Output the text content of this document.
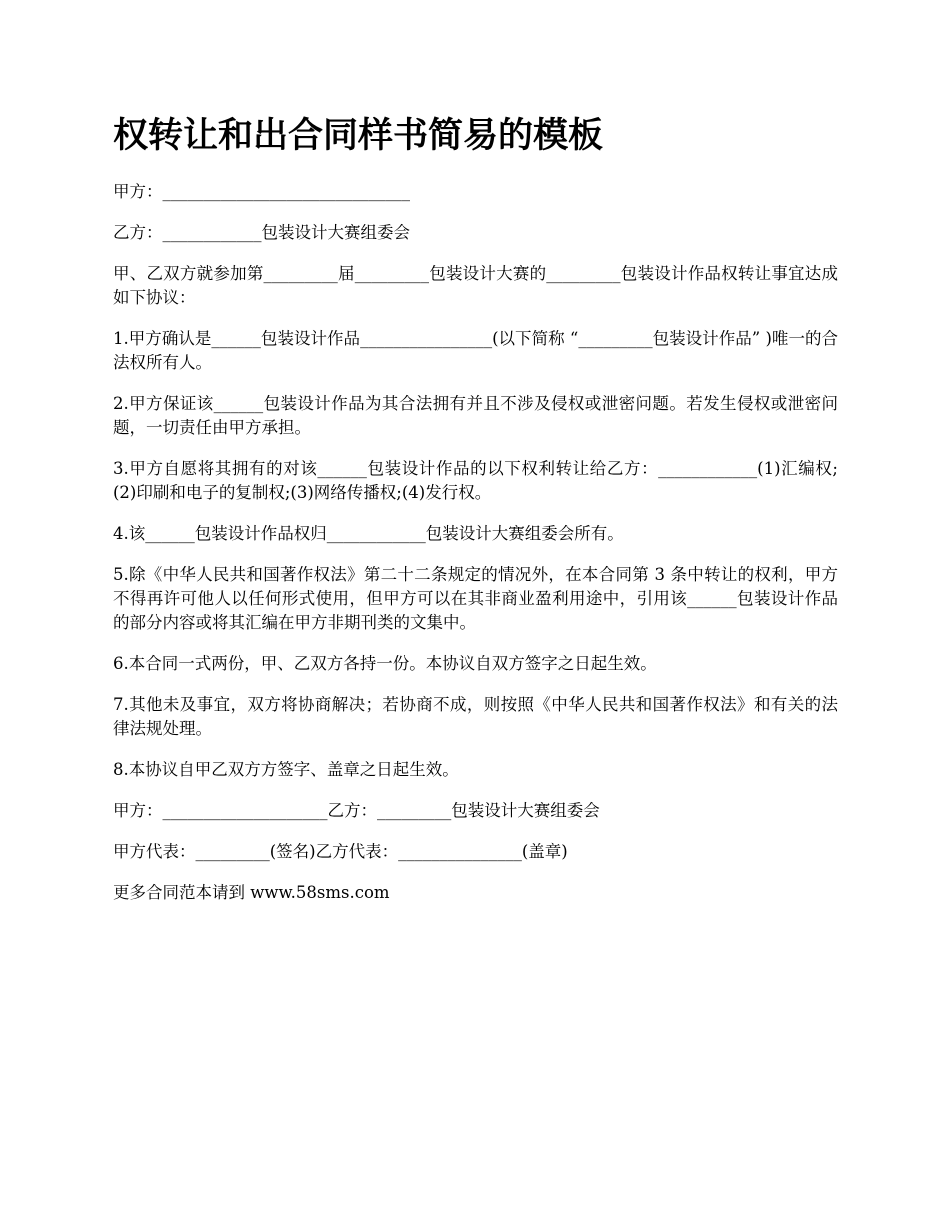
权转让和出合同样书简易的模板

甲方：______________________________

乙方：____________包装设计大赛组委会

甲、乙双方就参加第_________届_________包装设计大赛的_________包装设计作品权转让事宜达成如下协议：

1.甲方确认是______包装设计作品________________(以下简称 “_________包装设计作品” )唯一的合法权所有人。

2.甲方保证该______包装设计作品为其合法拥有并且不涉及侵权或泄密问题。若发生侵权或泄密问题，一切责任由甲方承担。

3.甲方自愿将其拥有的对该______包装设计作品的以下权利转让给乙方：____________(1)汇编权;(2)印刷和电子的复制权;(3)网络传播权;(4)发行权。

4.该______包装设计作品权归____________包装设计大赛组委会所有。

5.除《中华人民共和国著作权法》第二十二条规定的情况外，在本合同第 3 条中转让的权利，甲方不得再许可他人以任何形式使用，但甲方可以在其非商业盈利用途中，引用该______包装设计作品的部分内容或将其汇编在甲方非期刊类的文集中。

6.本合同一式两份，甲、乙双方各持一份。本协议自双方签字之日起生效。

7.其他未及事宜，双方将协商解决；若协商不成，则按照《中华人民共和国著作权法》和有关的法律法规处理。

8.本协议自甲乙双方方签字、盖章之日起生效。

甲方：____________________乙方：_________包装设计大赛组委会

甲方代表：_________(签名)乙方代表：_______________(盖章)

更多合同范本请到 www.58sms.com
